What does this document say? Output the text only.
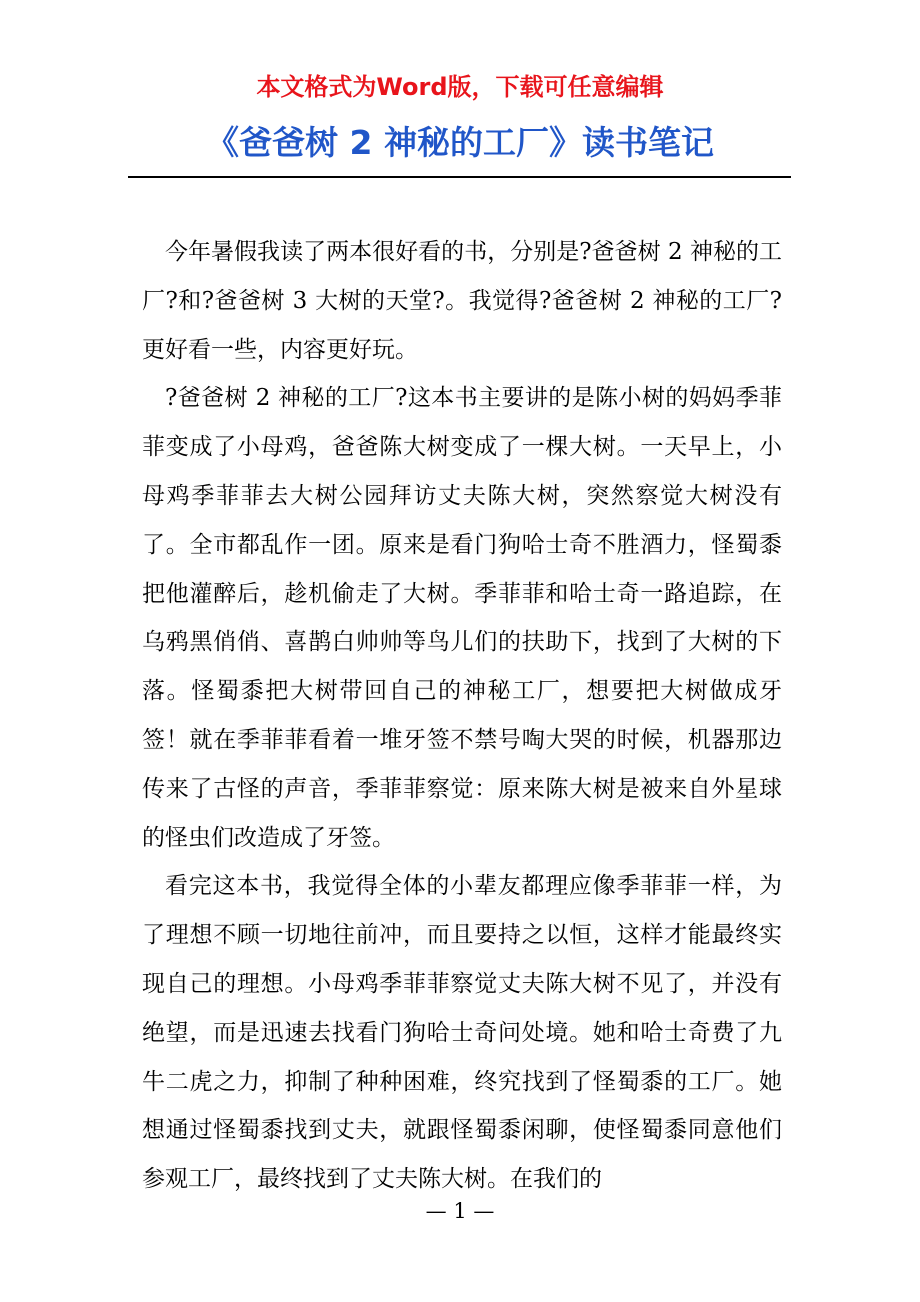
本文格式为Word版，下载可任意编辑
《爸爸树 2 神秘的工厂》读书笔记

今年暑假我读了两本很好看的书，分别是?爸爸树 2 神秘的工厂?和?爸爸树 3 大树的天堂?。我觉得?爸爸树 2 神秘的工厂?更好看一些，内容更好玩。

?爸爸树 2 神秘的工厂?这本书主要讲的是陈小树的妈妈季菲菲变成了小母鸡，爸爸陈大树变成了一棵大树。一天早上，小母鸡季菲菲去大树公园拜访丈夫陈大树，突然察觉大树没有了。全市都乱作一团。原来是看门狗哈士奇不胜酒力，怪蜀黍把他灌醉后，趁机偷走了大树。季菲菲和哈士奇一路追踪，在乌鸦黑俏俏、喜鹊白帅帅等鸟儿们的扶助下，找到了大树的下落。怪蜀黍把大树带回自己的神秘工厂，想要把大树做成牙签！就在季菲菲看着一堆牙签不禁号啕大哭的时候，机器那边传来了古怪的声音，季菲菲察觉：原来陈大树是被来自外星球的怪虫们改造成了牙签。

看完这本书，我觉得全体的小辈友都理应像季菲菲一样，为了理想不顾一切地往前冲，而且要持之以恒，这样才能最终实现自己的理想。小母鸡季菲菲察觉丈夫陈大树不见了，并没有绝望，而是迅速去找看门狗哈士奇问处境。她和哈士奇费了九牛二虎之力，抑制了种种困难，终究找到了怪蜀黍的工厂。她想通过怪蜀黍找到丈夫，就跟怪蜀黍闲聊，使怪蜀黍同意他们参观工厂，最终找到了丈夫陈大树。在我们的

— 1 —
